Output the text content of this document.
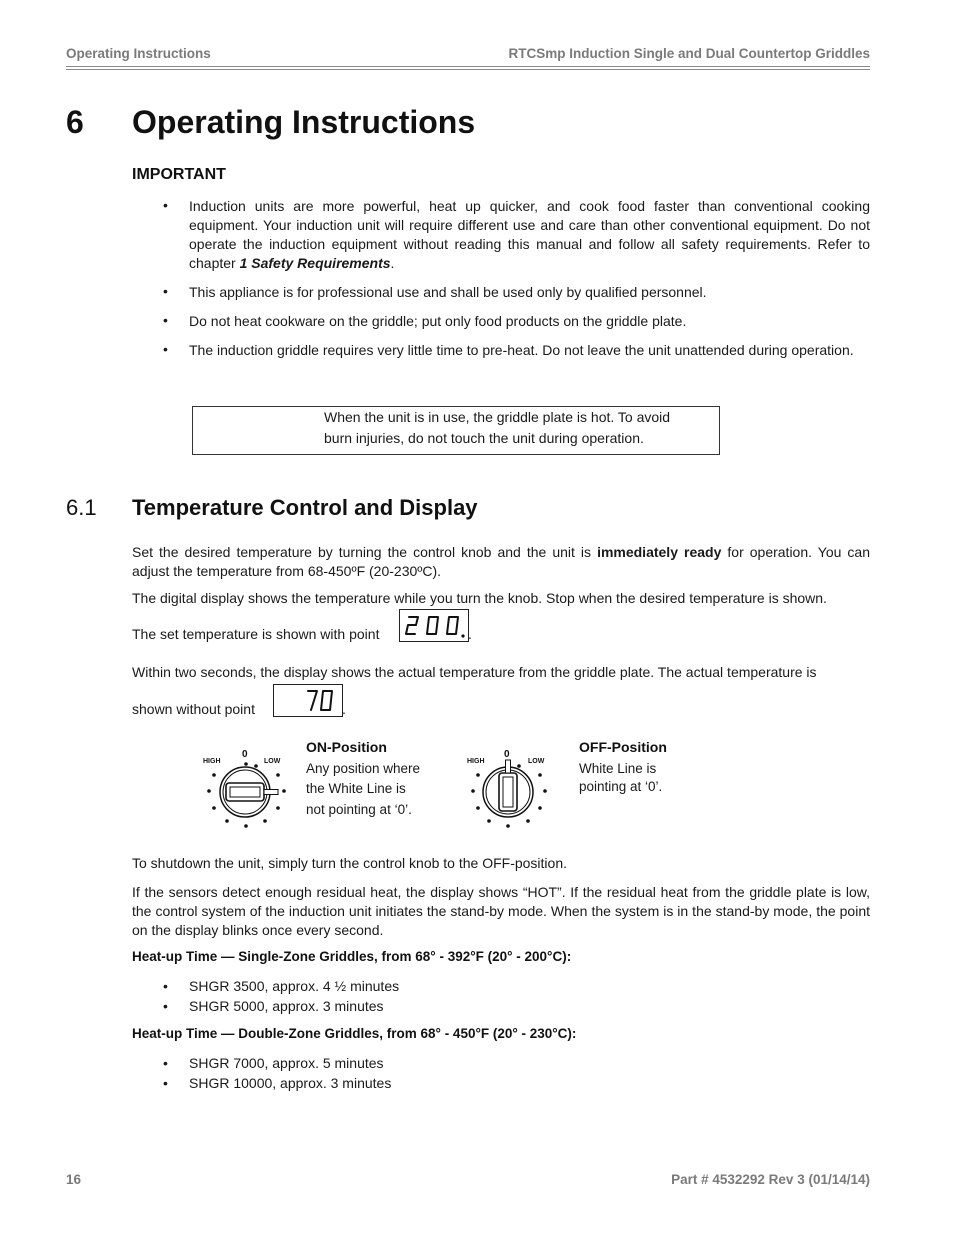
Operating Instructions	RTCSmp Induction Single and Dual Countertop Griddles
6 Operating Instructions
IMPORTANT
• Induction units are more powerful, heat up quicker, and cook food faster than conventional cooking equipment. Your induction unit will require different use and care than other conventional equipment. Do not operate the induction equipment without reading this manual and follow all safety requirements. Refer to chapter 1 Safety Requirements.
• This appliance is for professional use and shall be used only by qualified personnel.
• Do not heat cookware on the griddle; put only food products on the griddle plate.
• The induction griddle requires very little time to pre-heat. Do not leave the unit unattended during operation.
When the unit is in use, the griddle plate is hot. To avoid
burn injuries, do not touch the unit during operation.
6.1 Temperature Control and Display
Set the desired temperature by turning the control knob and the unit is immediately ready for operation. You can adjust the temperature from 68-450ºF (20-230ºC).
The digital display shows the temperature while you turn the knob. Stop when the desired temperature is shown.
The set temperature is shown with point	.
Within two seconds, the display shows the actual temperature from the griddle plate. The actual temperature is
shown without point	.
HIGH
0
LOW
ON-Position
Any position where
the White Line is
not pointing at ‘0’.
HIGH
0
LOW
OFF-Position
White Line is
pointing at ‘0’.
To shutdown the unit, simply turn the control knob to the OFF-position.
If the sensors detect enough residual heat, the display shows “HOT”. If the residual heat from the griddle plate is low, the control system of the induction unit initiates the stand-by mode. When the system is in the stand-by mode, the point on the display blinks once every second.
Heat-up Time — Single-Zone Griddles, from 68° - 392°F (20° - 200°C):
• SHGR 3500, approx. 4 ½ minutes
• SHGR 5000, approx. 3 minutes
Heat-up Time — Double-Zone Griddles, from 68° - 450°F (20° - 230°C):
• SHGR 7000, approx. 5 minutes
• SHGR 10000, approx. 3 minutes
16	Part # 4532292 Rev 3 (01/14/14)
